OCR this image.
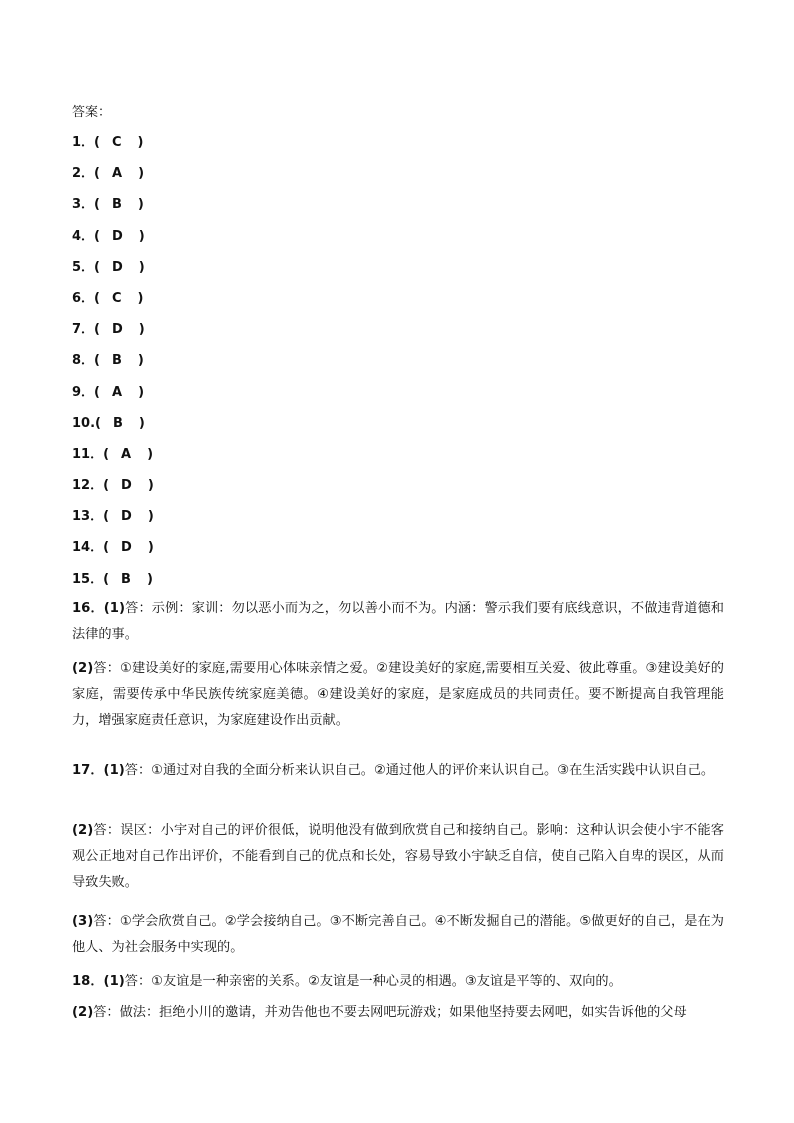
答案：
1．( C )
2．( A )
3．( B )
4．( D )
5．( D )
6．( C )
7．( D )
8．( B )
9．( A )
10.( B )
11．( A )
12．( D )
13．( D )
14．( D )
15．( B )
16．(1)答：示例：家训：勿以恶小而为之，勿以善小而不为。内涵：警示我们要有底线意识，不做违背道德和法律的事。
(2)答：①建设美好的家庭,需要用心体味亲情之爱。②建设美好的家庭,需要相互关爱、彼此尊重。③建设美好的家庭，需要传承中华民族传统家庭美德。④建设美好的家庭，是家庭成员的共同责任。要不断提高自我管理能力，增强家庭责任意识，为家庭建设作出贡献。
17．(1)答：①通过对自我的全面分析来认识自己。②通过他人的评价来认识自己。③在生活实践中认识自己。
(2)答：误区：小宇对自己的评价很低，说明他没有做到欣赏自己和接纳自己。影响：这种认识会使小宇不能客观公正地对自己作出评价，不能看到自己的优点和长处，容易导致小宇缺乏自信，使自己陷入自卑的误区，从而导致失败。
(3)答：①学会欣赏自己。②学会接纳自己。③不断完善自己。④不断发掘自己的潜能。⑤做更好的自己，是在为他人、为社会服务中实现的。
18．(1)答：①友谊是一种亲密的关系。②友谊是一种心灵的相遇。③友谊是平等的、双向的。
(2)答：做法：拒绝小川的邀请，并劝告他也不要去网吧玩游戏；如果他坚持要去网吧，如实告诉他的父母
